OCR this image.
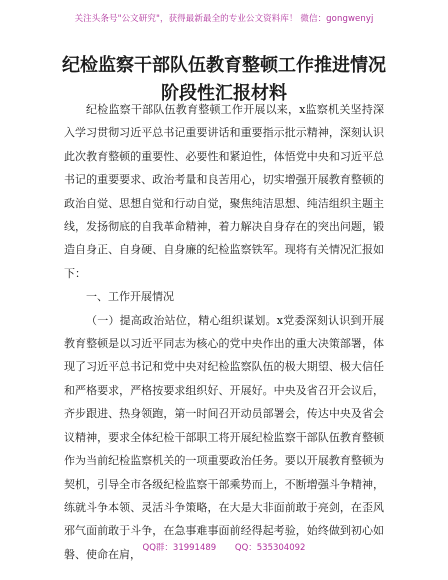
关注头条号"公文研究"，获得最新最全的专业公文资料库！ 微信：gongwenyj
纪检监察干部队伍教育整顿工作推进情况阶段性汇报材料

纪检监察干部队伍教育整顿工作开展以来，x监察机关坚持深入学习贯彻习近平总书记重要讲话和重要指示批示精神，深刻认识此次教育整顿的重要性、必要性和紧迫性，体悟党中央和习近平总书记的重要要求、政治考量和良苦用心，切实增强开展教育整顿的政治自觉、思想自觉和行动自觉，聚焦纯洁思想、纯洁组织主题主线，发扬彻底的自我革命精神，着力解决自身存在的突出问题，锻造自身正、自身硬、自身廉的纪检监察铁军。现将有关情况汇报如下：

一、工作开展情况

（一）提高政治站位，精心组织谋划。x党委深刻认识到开展教育整顿是以习近平同志为核心的党中央作出的重大决策部署，体现了习近平总书记和党中央对纪检监察队伍的极大期望、极大信任和严格要求，严格按要求组织好、开展好。中央及省召开会议后，齐步跟进、热身领跑，第一时间召开动员部署会，传达中央及省会议精神，要求全体纪检干部职工将开展纪检监察干部队伍教育整顿作为当前纪检监察机关的一项重要政治任务。要以开展教育整顿为契机，引导全市各级纪检监察干部乘势而上，不断增强斗争精神，练就斗争本领、灵活斗争策略，在大是大非面前敢于亮剑，在歪风邪气面前敢于斗争，在急事难事面前经得起考验，始终做到初心如磐、使命在肩， QQ群：31991489 QQ：535304092
